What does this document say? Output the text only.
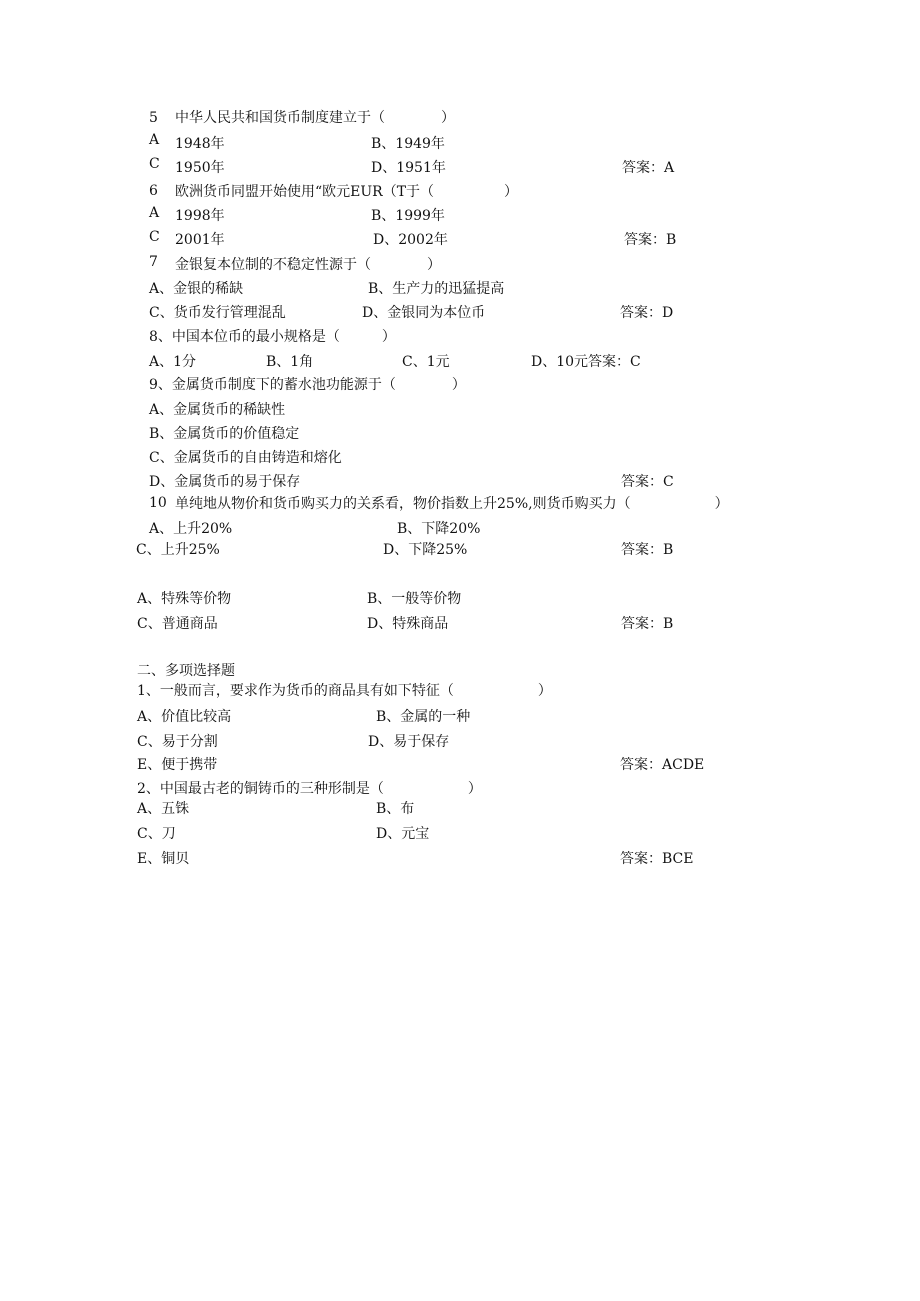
5 中华人民共和国货币制度建立于（　　　　）
A 1948年	B、1949年
C 1950年	D、1951年	答案：A
6 欧洲货币同盟开始使用“欧元EUR（T于（　　　　　）
A 1998年	B、1999年
C 2001年	D、2002年	答案：B
7 金银复本位制的不稳定性源于（　　　　）
A、金银的稀缺	B、生产力的迅猛提高
C、货币发行管理混乱	D、金银同为本位币	答案：D
8、中国本位币的最小规格是（　　　）
A、1分	B、1角	C、1元	D、10元答案：C
9、金属货币制度下的蓄水池功能源于（　　　　）
A、金属货币的稀缺性
B、金属货币的价值稳定
C、金属货币的自由铸造和熔化
D、金属货币的易于保存	答案：C
10 单纯地从物价和货币购买力的关系看，物价指数上升25%,则货币购买力（　　　　　　）
A、上升20%	B、下降20%
C、上升25%	D、下降25%	答案：B
A、特殊等价物	B、一般等价物
C、普通商品	D、特殊商品	答案：B
二、多项选择题
1、一般而言，要求作为货币的商品具有如下特征（　　　　　　）
A、价值比较高	B、金属的一种
C、易于分割	D、易于保存
E、便于携带	答案：ACDE
2、中国最古老的铜铸币的三种形制是（　　　　　　）
A、五铢	B、布
C、刀	D、元宝
E、铜贝	答案：BCE
